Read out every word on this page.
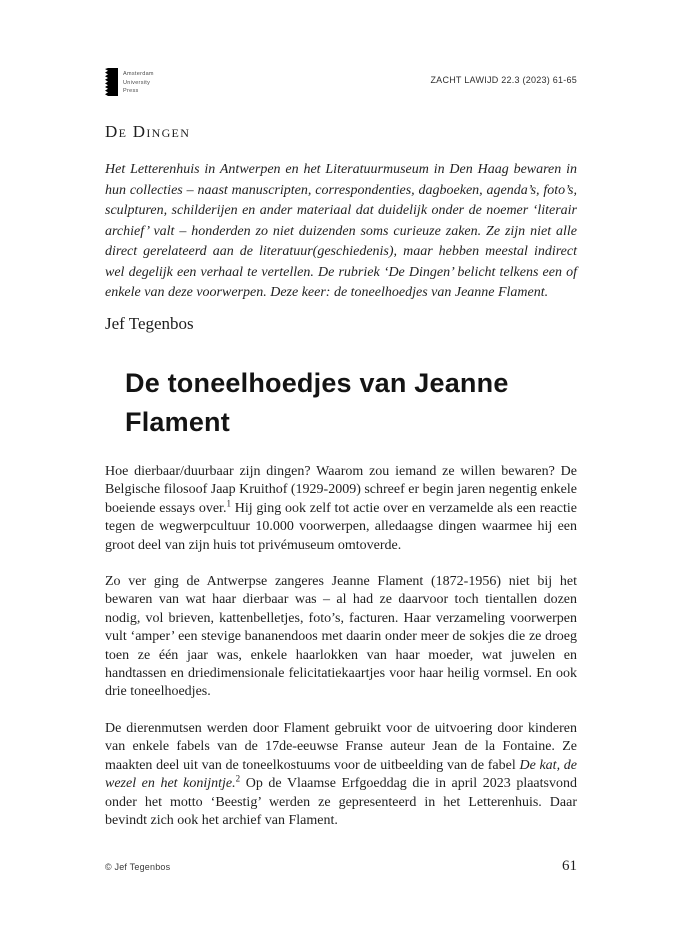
Amsterdam
University
Press
ZACHT LAWIJD 22.3 (2023) 61-65
De Dingen
Het Letterenhuis in Antwerpen en het Literatuurmuseum in Den Haag bewaren in hun collecties – naast manuscripten, correspondenties, dagboeken, agenda’s, foto’s, sculpturen, schilderijen en ander materiaal dat duidelijk onder de noemer ‘literair archief’ valt – honderden zo niet duizenden soms curieuze zaken. Ze zijn niet alle direct gerelateerd aan de literatuur(geschiedenis), maar hebben meestal indirect wel degelijk een verhaal te vertellen. De rubriek ‘De Dingen’ belicht telkens een of enkele van deze voorwerpen. Deze keer: de toneelhoedjes van Jeanne Flament.
Jef Tegenbos
De toneelhoedjes van Jeanne Flament

Hoe dierbaar/duurbaar zijn dingen? Waarom zou iemand ze willen bewaren? De Belgische filosoof Jaap Kruithof (1929-2009) schreef er begin jaren negentig enkele boeiende essays over.$^1$ Hij ging ook zelf tot actie over en verzamelde als een reactie tegen de wegwerpcultuur 10.000 voorwerpen, alledaagse dingen waarmee hij een groot deel van zijn huis tot privémuseum omtoverde.

Zo ver ging de Antwerpse zangeres Jeanne Flament (1872-1956) niet bij het bewaren van wat haar dierbaar was – al had ze daarvoor toch tientallen dozen nodig, vol brieven, kattenbelletjes, foto’s, facturen. Haar verzameling voorwerpen vult ‘amper’ een stevige bananendoos met daarin onder meer de sokjes die ze droeg toen ze één jaar was, enkele haarlokken van haar moeder, wat juwelen en handtassen en driedimensionale felicitatiekaartjes voor haar heilig vormsel. En ook drie toneelhoedjes.

De dierenmutsen werden door Flament gebruikt voor de uitvoering door kinderen van enkele fabels van de 17de-eeuwse Franse auteur Jean de la Fontaine. Ze maakten deel uit van de toneelkostuums voor de uitbeelding van de fabel De kat, de wezel en het konijntje.$^2$ Op de Vlaamse Erfgoeddag die in april 2023 plaatsvond onder het motto ‘Beestig’ werden ze gepresenteerd in het Letterenhuis. Daar bevindt zich ook het archief van Flament.

© Jef Tegenbos	61
